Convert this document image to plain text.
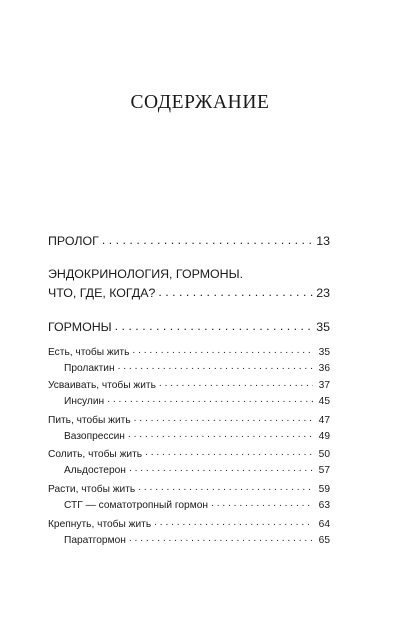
СОДЕРЖАНИЕ
ПРОЛОГ . . .	13
ЭНДОКРИНОЛОГИЯ, ГОРМОНЫ.
ЧТО, ГДЕ, КОГДА? . . .	23
ГОРМОНЫ . . .	35
Есть, чтобы жить . . .	35
Пролактин . . .	36
Усваивать, чтобы жить . . .	37
Инсулин . . .	45
Пить, чтобы жить . . .	47
Вазопрессин . . .	49
Солить, чтобы жить . . .	50
Альдостерон . . .	57
Расти, чтобы жить . . .	59
СТГ — соматотропный гормон . . .	63
Крепнуть, чтобы жить . . .	64
Паратгормон . . .	65
